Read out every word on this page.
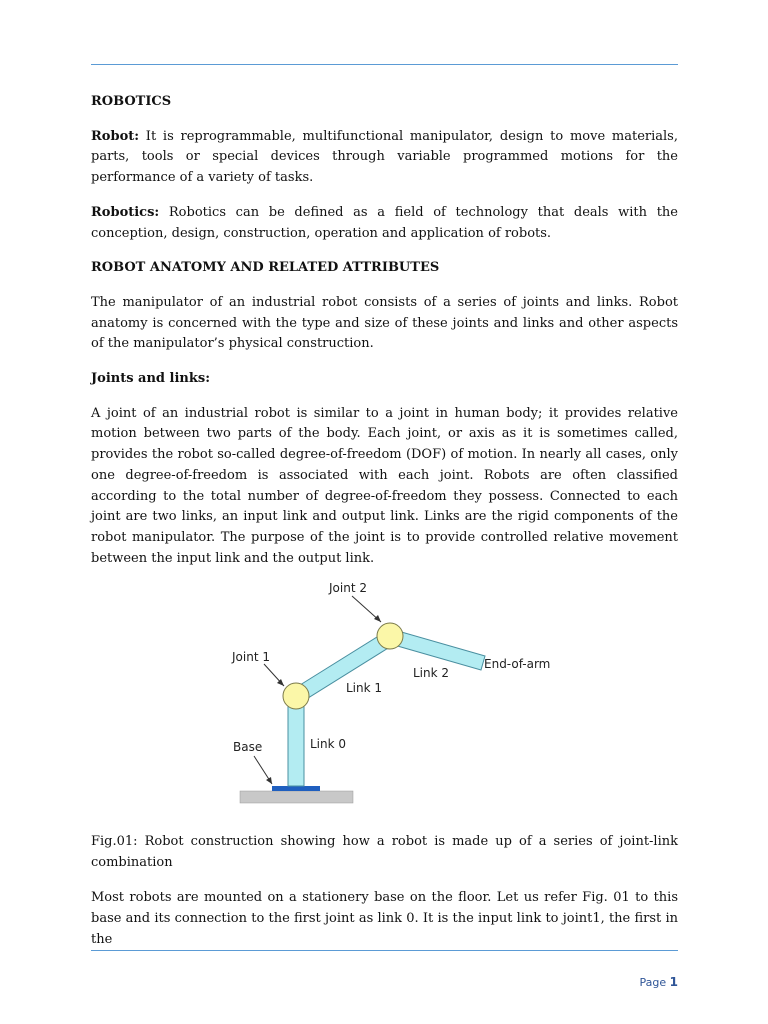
ROBOTICS

Robot: It is reprogrammable, multifunctional manipulator, design to move materials, parts, tools or special devices through variable programmed motions for the performance of a variety of tasks.

Robotics: Robotics can be defined as a field of technology that deals with the conception, design, construction, operation and application of robots.

ROBOT ANATOMY AND RELATED ATTRIBUTES

The manipulator of an industrial robot consists of a series of joints and links. Robot anatomy is concerned with the type and size of these joints and links and other aspects of the manipulator’s physical construction.

Joints and links:

A joint of an industrial robot is similar to a joint in human body; it provides relative motion between two parts of the body. Each joint, or axis as it is sometimes called, provides the robot so-called degree-of-freedom (DOF) of motion. In nearly all cases, only one degree-of-freedom is associated with each joint. Robots are often classified according to the total number of degree-of-freedom they possess. Connected to each joint are two links, an input link and output link. Links are the rigid components of the robot manipulator. The purpose of the joint is to provide controlled relative movement between the input link and the output link.

Joint 2
Joint 1
Link 2
End-of-arm
Link 1
Base	Link 0

Fig.01: Robot construction showing how a robot is made up of a series of joint-link combination

Most robots are mounted on a stationery base on the floor. Let us refer Fig. 01 to this base and its connection to the first joint as link 0. It is the input link to joint1, the first in the

Page 1
